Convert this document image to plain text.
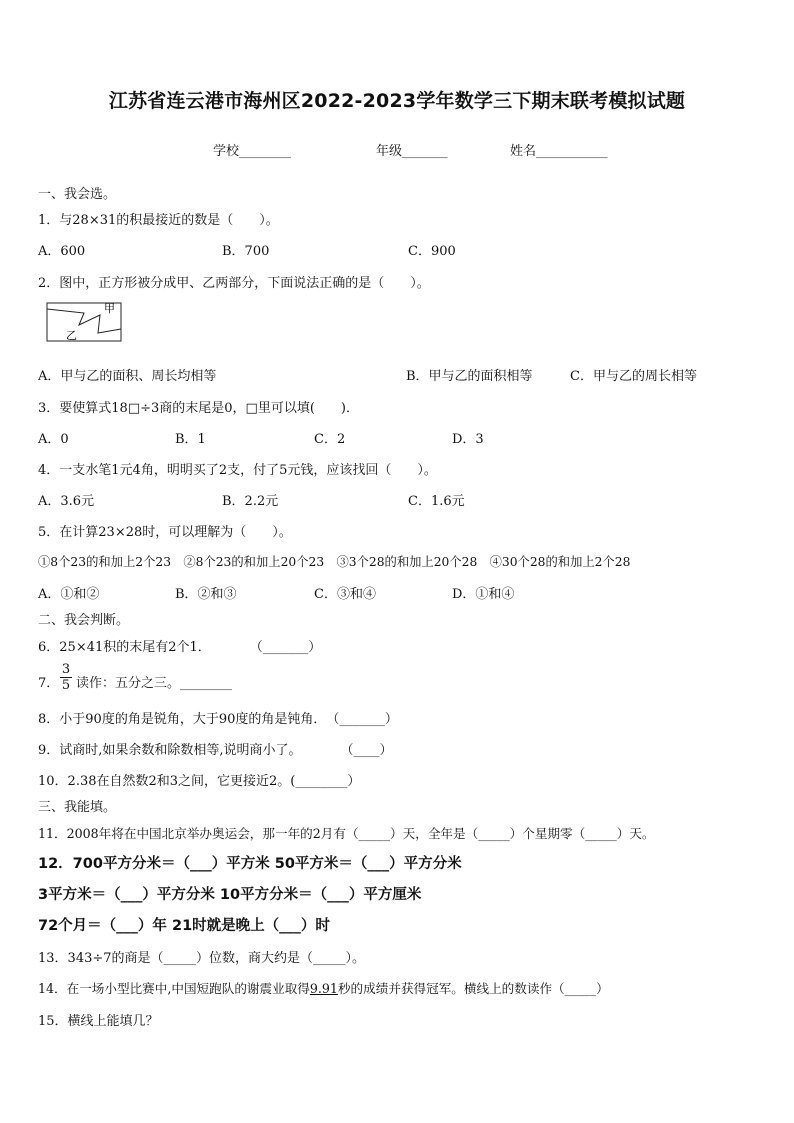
江苏省连云港市海州区2022-2023学年数学三下期末联考模拟试题
学校________	年级_______	姓名___________
一、我会选。
1．与28×31的积最接近的数是（　　）。
A．600	B．700	C．900
2．图中，正方形被分成甲、乙两部分，下面说法正确的是（　　）。
甲
乙
A．甲与乙的面积、周长均相等	B．甲与乙的面积相等	C．甲与乙的周长相等
3．要使算式18□÷3商的末尾是0，□里可以填(　　)．
A．0	B．1	C．2	D．3
4．一支水笔1元4角，明明买了2支，付了5元钱，应该找回（　　）。
A．3.6元	B．2.2元	C．1.6元
5．在计算23×28时，可以理解为（　　）。
①8个23的和加上2个23　②8个23的和加上20个23　③3个28的和加上20个28　④30个28的和加上2个28
A．①和②	B．②和③	C．③和④	D．①和④
二、我会判断。
6．25×41积的末尾有2个1．　　　　（_______）
7． $\frac{3}{5}$ 读作：五分之三。________
8．小于90度的角是锐角，大于90度的角是钝角．　（_______）
9．试商时,如果余数和除数相等,说明商小了。　　　　（____）
10．2.38在自然数2和3之间，它更接近2。(________）
三、我能填。
11．2008年将在中国北京举办奥运会，那一年的2月有（_____）天，全年是（_____）个星期零（_____）天。
12．700平方分米＝（___）平方米 50平方米＝（___）平方分米
3平方米＝（___）平方分米 10平方分米＝（___）平方厘米
72个月＝（___）年 21时就是晚上（___）时
13．343÷7的商是（_____）位数，商大约是（_____）。
14．在一场小型比赛中,中国短跑队的谢震业取得9.91秒的成绩并获得冠军。横线上的数读作（_____）
15．横线上能填几？
